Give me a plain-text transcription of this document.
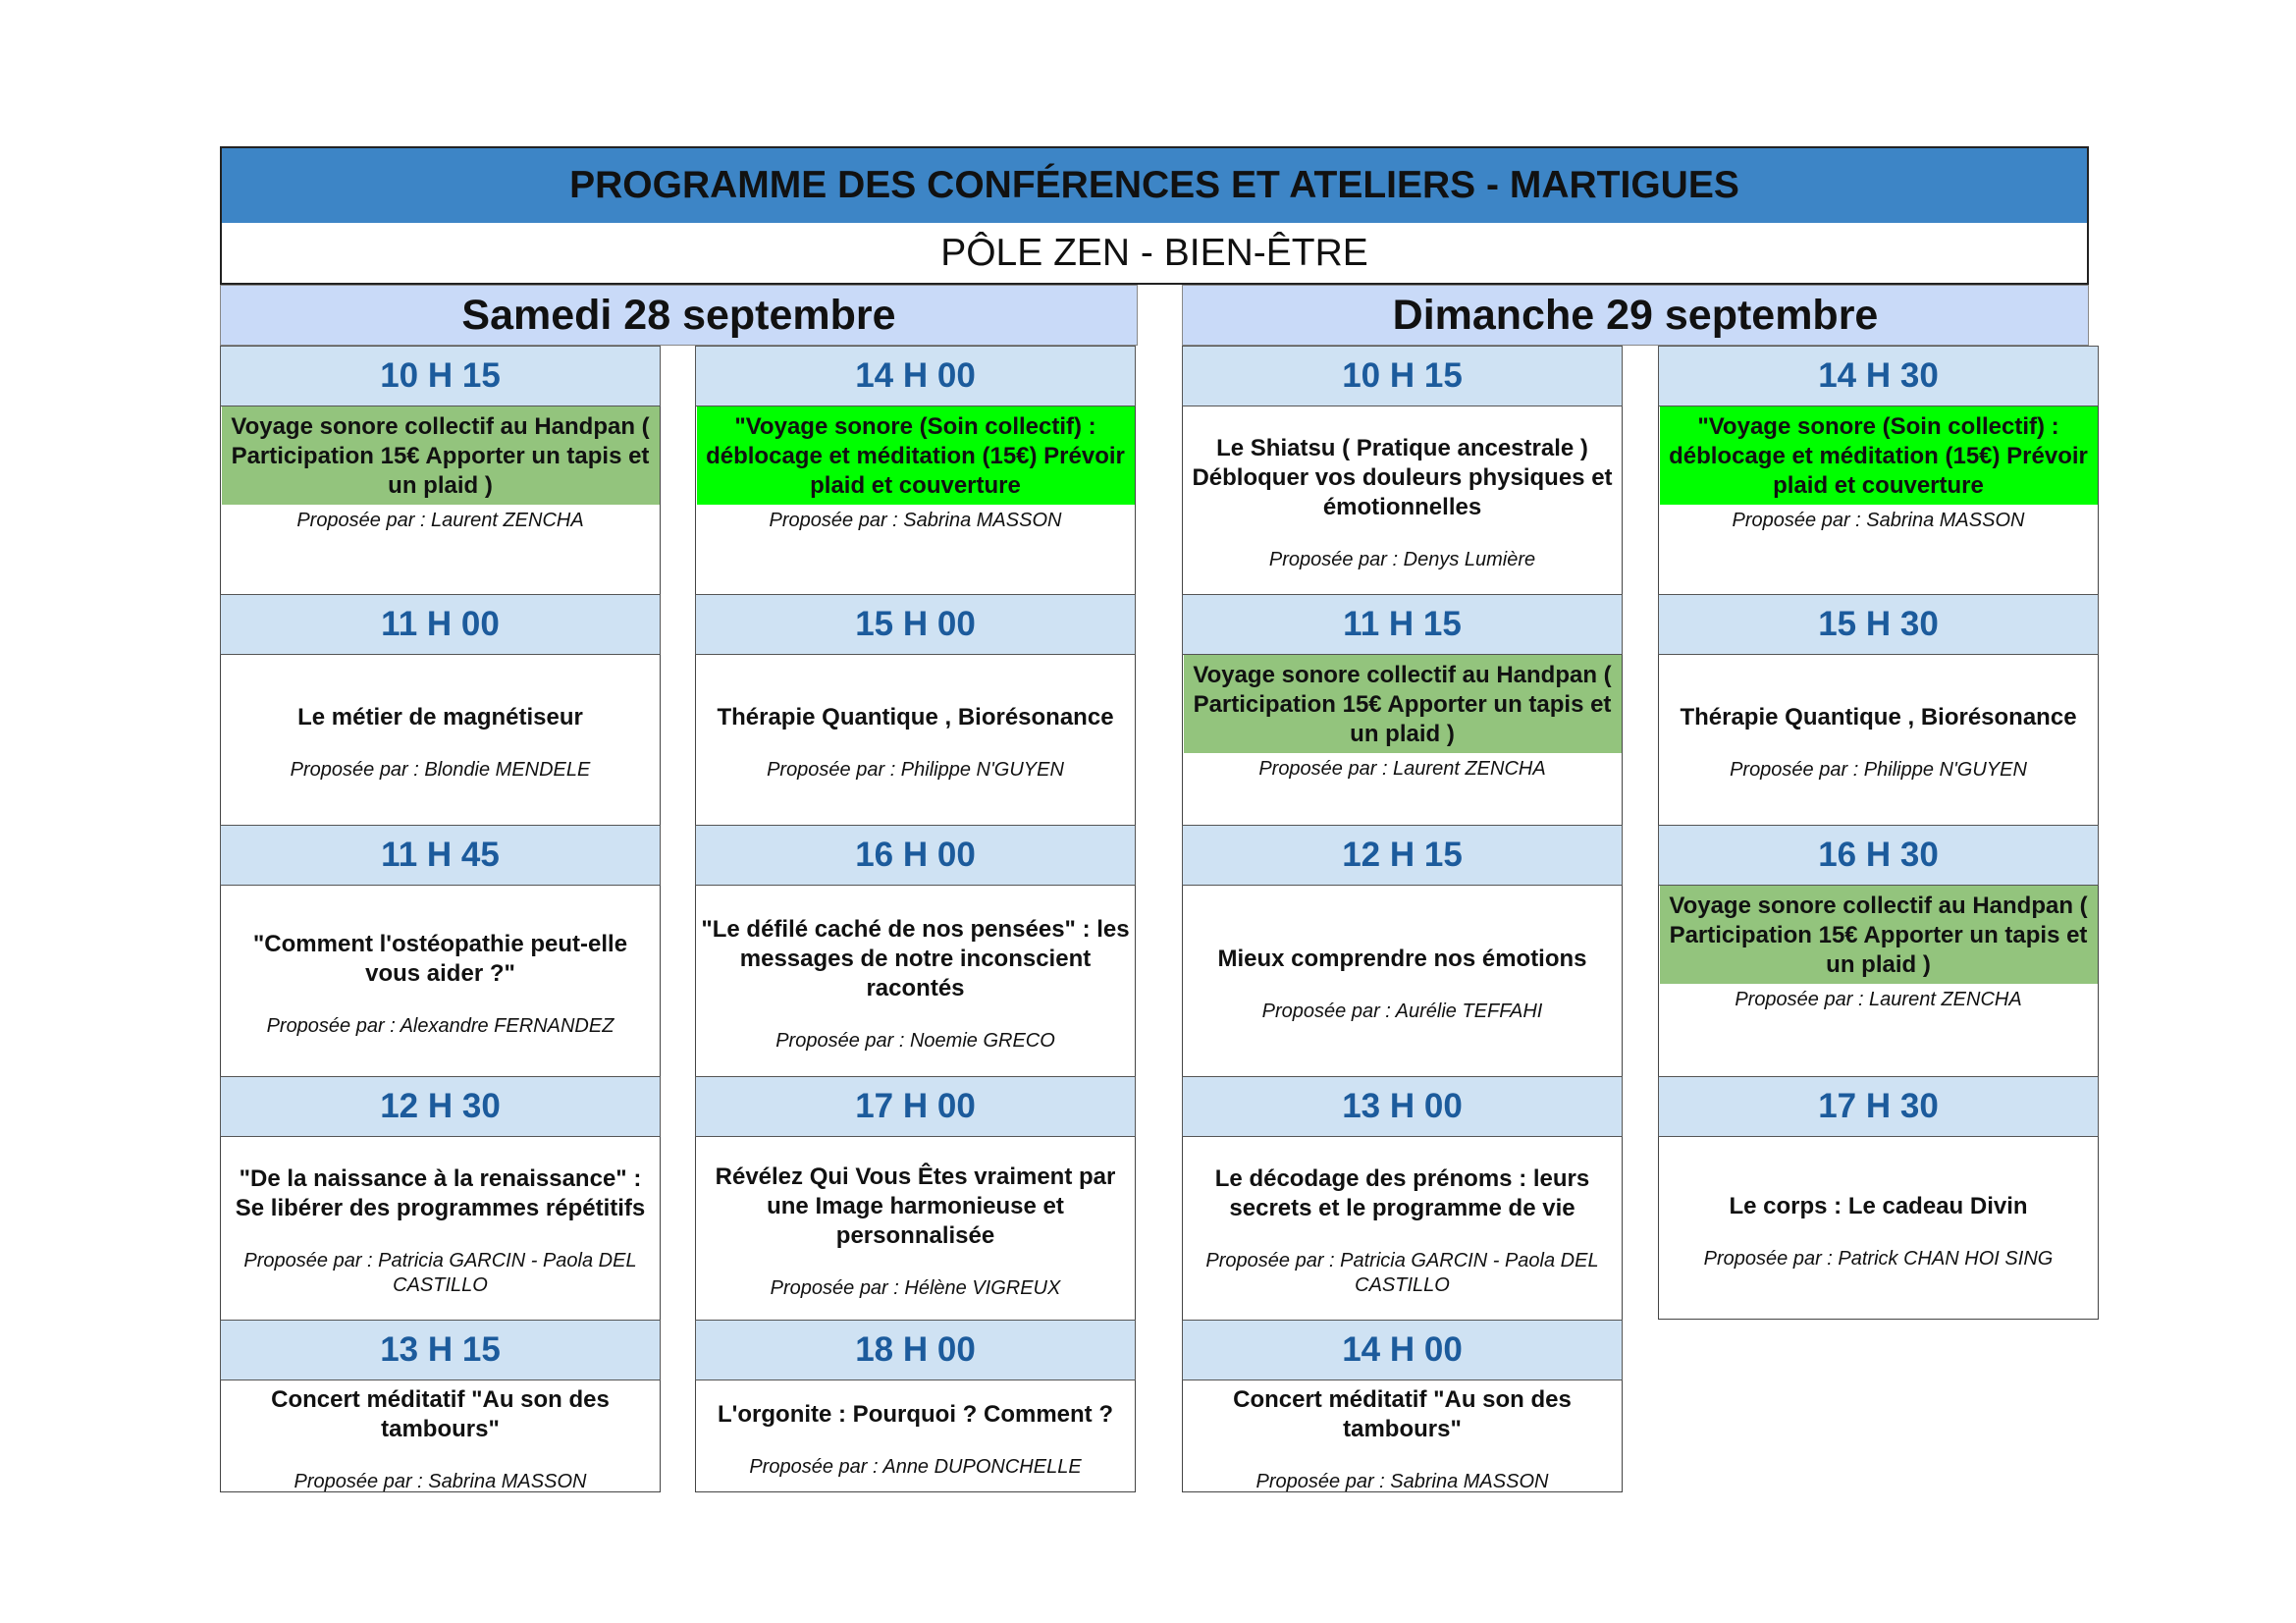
PROGRAMME DES CONFÉRENCES ET ATELIERS - MARTIGUES
PÔLE ZEN - BIEN-ÊTRE
Samedi 28 septembre	Dimanche 29 septembre
10 H 15
Voyage sonore collectif au Handpan ( Participation 15€ Apporter un tapis et un plaid )
Proposée par : Laurent ZENCHA
11 H 00
Le métier de magnétiseur
Proposée par : Blondie MENDELE
11 H 45
"Comment l'ostéopathie peut-elle vous aider ?"
Proposée par : Alexandre FERNANDEZ
12 H 30
"De la naissance à la renaissance" : Se libérer des programmes répétitifs
Proposée par : Patricia GARCIN - Paola DEL CASTILLO
13 H 15
Concert méditatif "Au son des tambours"
Proposée par : Sabrina MASSON
14 H 00
"Voyage sonore (Soin collectif) : déblocage et méditation (15€) Prévoir plaid et couverture
Proposée par : Sabrina MASSON
15 H 00
Thérapie Quantique , Biorésonance
Proposée par : Philippe N'GUYEN
16 H 00
"Le défilé caché de nos pensées" : les messages de notre inconscient racontés
Proposée par : Noemie GRECO
17 H 00
Révélez Qui Vous Êtes vraiment par une Image harmonieuse et personnalisée
Proposée par : Hélène VIGREUX
18 H 00
L'orgonite : Pourquoi ? Comment ?
Proposée par : Anne DUPONCHELLE
10 H 15
Le Shiatsu ( Pratique ancestrale ) Débloquer vos douleurs physiques et émotionnelles
Proposée par : Denys Lumière
11 H 15
Voyage sonore collectif au Handpan ( Participation 15€ Apporter un tapis et un plaid )
Proposée par : Laurent ZENCHA
12 H 15
Mieux comprendre nos émotions
Proposée par : Aurélie TEFFAHI
13 H 00
Le décodage des prénoms : leurs secrets et le programme de vie
Proposée par : Patricia GARCIN - Paola DEL CASTILLO
14 H 00
Concert méditatif "Au son des tambours"
Proposée par : Sabrina MASSON
14 H 30
"Voyage sonore (Soin collectif) : déblocage et méditation (15€) Prévoir plaid et couverture
Proposée par : Sabrina MASSON
15 H 30
Thérapie Quantique , Biorésonance
Proposée par : Philippe N'GUYEN
16 H 30
Voyage sonore collectif au Handpan ( Participation 15€ Apporter un tapis et un plaid )
Proposée par : Laurent ZENCHA
17 H 30
Le corps : Le cadeau Divin
Proposée par : Patrick CHAN HOI SING
